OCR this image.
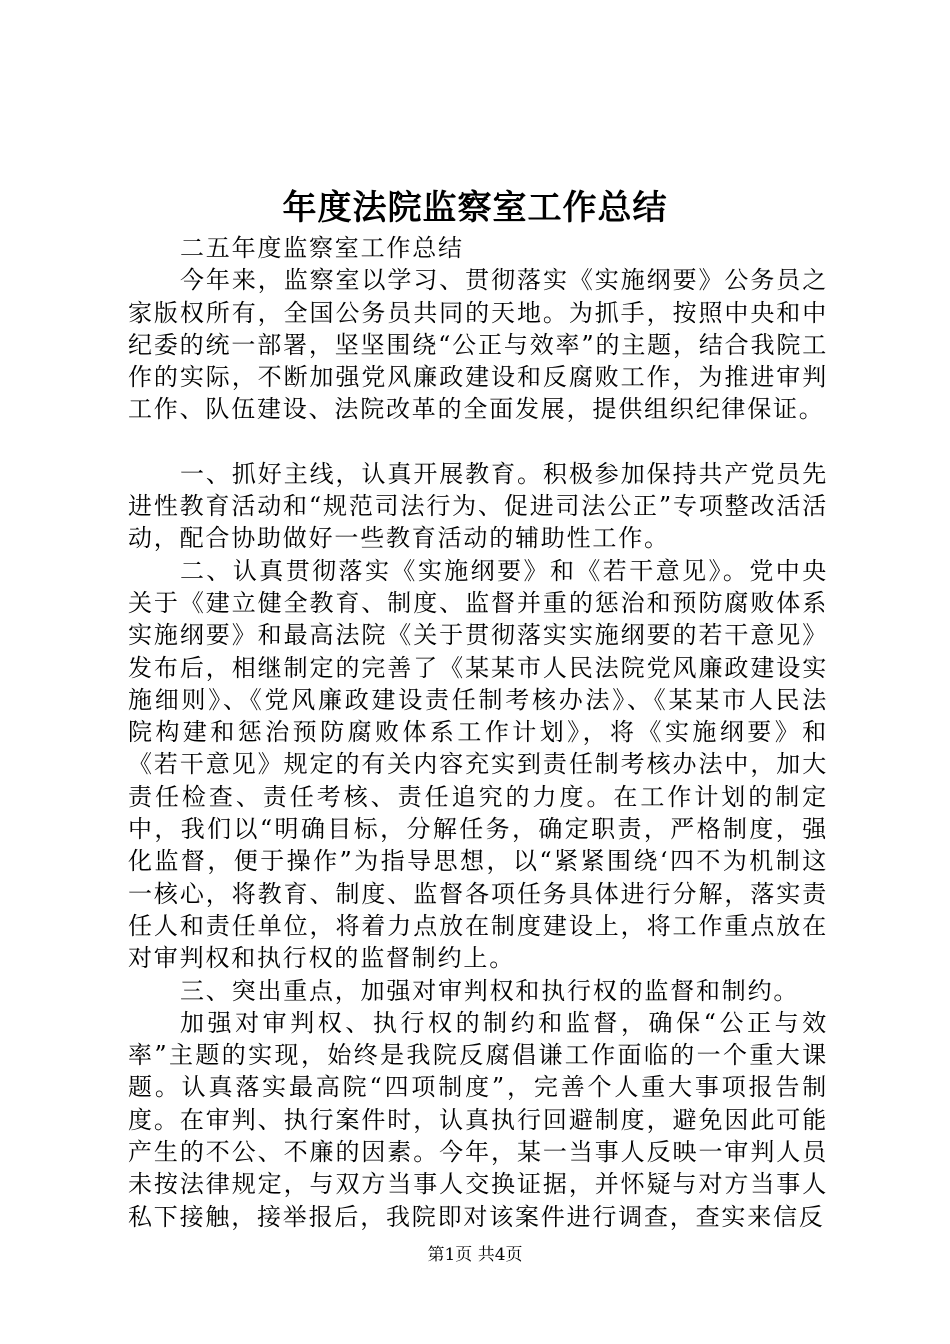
年度法院监察室工作总结

二五年度监察室工作总结

今年来，监察室以学习、贯彻落实《实施纲要》公务员之家版权所有，全国公务员共同的天地。为抓手，按照中央和中纪委的统一部署，坚坚围绕“公正与效率”的主题，结合我院工作的实际，不断加强党风廉政建设和反腐败工作，为推进审判工作、队伍建设、法院改革的全面发展，提供组织纪律保证。

一、抓好主线，认真开展教育。积极参加保持共产党员先进性教育活动和“规范司法行为、促进司法公正”专项整改活活动，配合协助做好一些教育活动的辅助性工作。

二、认真贯彻落实《实施纲要》和《若干意见》。党中央关于《建立健全教育、制度、监督并重的惩治和预防腐败体系实施纲要》和最高法院《关于贯彻落实实施纲要的若干意见》发布后，相继制定的完善了《某某市人民法院党风廉政建设实施细则》、《党风廉政建设责任制考核办法》、《某某市人民法院构建和惩治预防腐败体系工作计划》，将《实施纲要》和《若干意见》规定的有关内容充实到责任制考核办法中，加大责任检查、责任考核、责任追究的力度。在工作计划的制定中，我们以“明确目标，分解任务，确定职责，严格制度，强化监督，便于操作”为指导思想，以“紧紧围绕‘四不为机制这一核心，将教育、制度、监督各项任务具体进行分解，落实责任人和责任单位，将着力点放在制度建设上，将工作重点放在对审判权和执行权的监督制约上。

三、突出重点，加强对审判权和执行权的监督和制约。

加强对审判权、执行权的制约和监督，确保“公正与效率”主题的实现，始终是我院反腐倡谦工作面临的一个重大课题。认真落实最高院“四项制度”，完善个人重大事项报告制度。在审判、执行案件时，认真执行回避制度，避免因此可能产生的不公、不廉的因素。今年，某一当事人反映一审判人员未按法律规定，与双方当事人交换证据，并怀疑与对方当事人私下接触，接举报后，我院即对该案件进行调查，查实来信反

第1页 共4页
